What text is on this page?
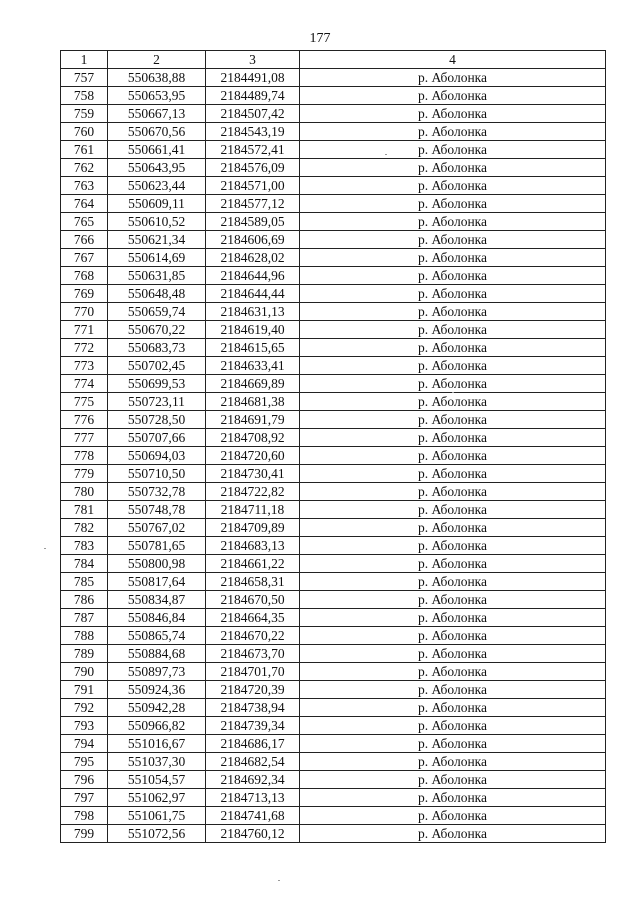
177
1	2	3	4
757	550638,88	2184491,08	р. Аболонка
758	550653,95	2184489,74	р. Аболонка
759	550667,13	2184507,42	р. Аболонка
760	550670,56	2184543,19	р. Аболонка
761	550661,41	2184572,41	р. Аболонка
762	550643,95	2184576,09	р. Аболонка
763	550623,44	2184571,00	р. Аболонка
764	550609,11	2184577,12	р. Аболонка
765	550610,52	2184589,05	р. Аболонка
766	550621,34	2184606,69	р. Аболонка
767	550614,69	2184628,02	р. Аболонка
768	550631,85	2184644,96	р. Аболонка
769	550648,48	2184644,44	р. Аболонка
770	550659,74	2184631,13	р. Аболонка
771	550670,22	2184619,40	р. Аболонка
772	550683,73	2184615,65	р. Аболонка
773	550702,45	2184633,41	р. Аболонка
774	550699,53	2184669,89	р. Аболонка
775	550723,11	2184681,38	р. Аболонка
776	550728,50	2184691,79	р. Аболонка
777	550707,66	2184708,92	р. Аболонка
778	550694,03	2184720,60	р. Аболонка
779	550710,50	2184730,41	р. Аболонка
780	550732,78	2184722,82	р. Аболонка
781	550748,78	2184711,18	р. Аболонка
782	550767,02	2184709,89	р. Аболонка
783	550781,65	2184683,13	р. Аболонка
784	550800,98	2184661,22	р. Аболонка
785	550817,64	2184658,31	р. Аболонка
786	550834,87	2184670,50	р. Аболонка
787	550846,84	2184664,35	р. Аболонка
788	550865,74	2184670,22	р. Аболонка
789	550884,68	2184673,70	р. Аболонка
790	550897,73	2184701,70	р. Аболонка
791	550924,36	2184720,39	р. Аболонка
792	550942,28	2184738,94	р. Аболонка
793	550966,82	2184739,34	р. Аболонка
794	551016,67	2184686,17	р. Аболонка
795	551037,30	2184682,54	р. Аболонка
796	551054,57	2184692,34	р. Аболонка
797	551062,97	2184713,13	р. Аболонка
798	551061,75	2184741,68	р. Аболонка
799	551072,56	2184760,12	р. Аболонка
